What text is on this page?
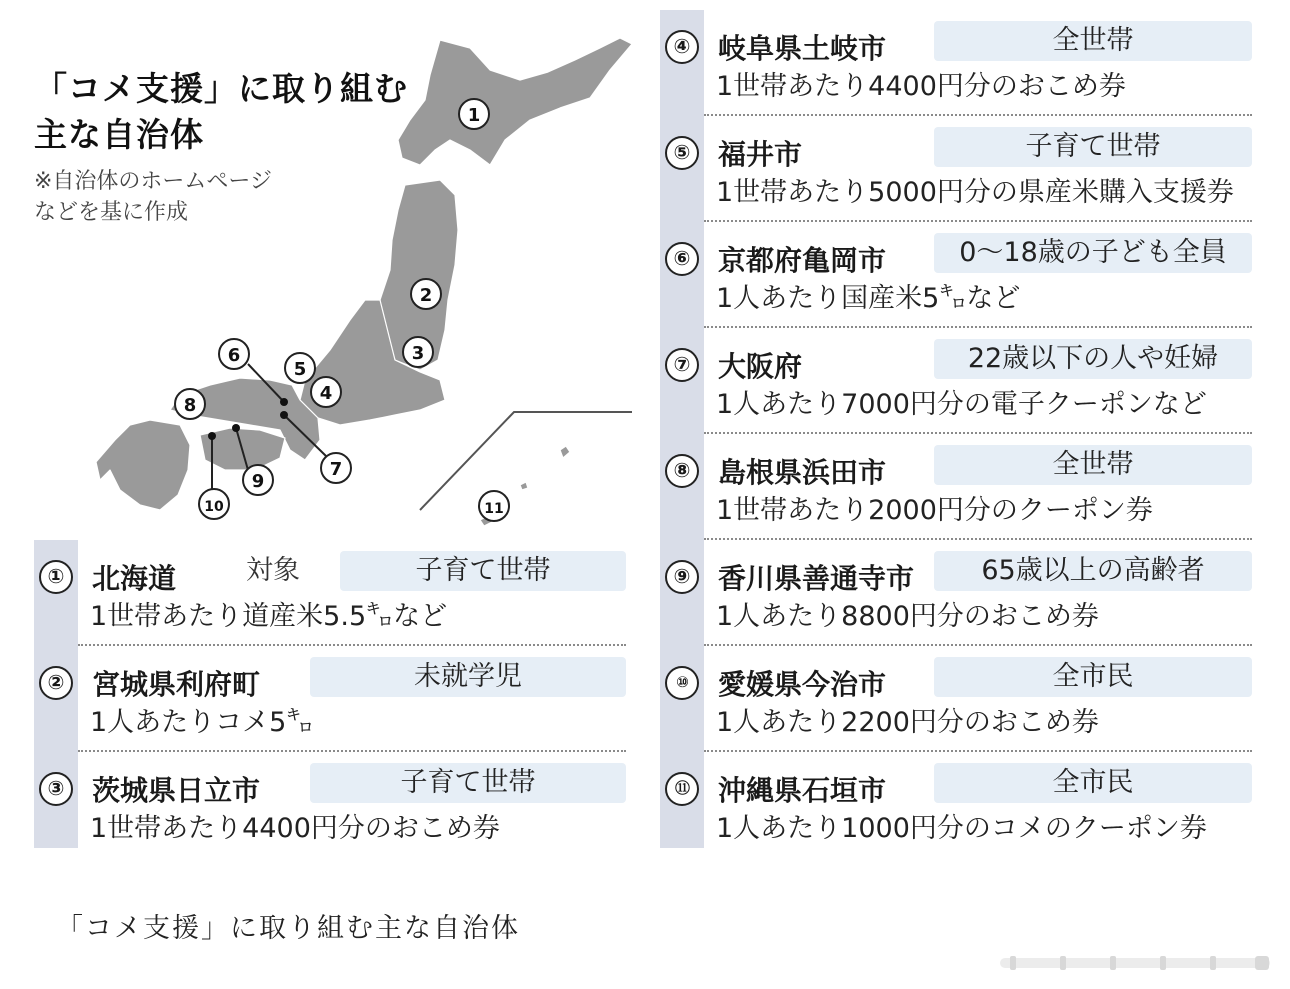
1
2
3
4
5
6
7
8
9
10	11
「コメ支援」に取り組む
主な自治体
※自治体のホームページ
などを基に作成
① 北海道	対象	子育て世帯
1世帯あたり道産米5.5㌔など
② 宮城県利府町	未就学児
1人あたりコメ5㌔
③ 茨城県日立市	子育て世帯
1世帯あたり4400円分のおこめ券
④ 岐阜県土岐市	全世帯
1世帯あたり4400円分のおこめ券
⑤ 福井市	子育て世帯
1世帯あたり5000円分の県産米購入支援券
⑥ 京都府亀岡市	0〜18歳の子ども全員
1人あたり国産米5㌔など
⑦ 大阪府	22歳以下の人や妊婦
1人あたり7000円分の電子クーポンなど
⑧ 島根県浜田市	全世帯
1世帯あたり2000円分のクーポン券
⑨ 香川県善通寺市	65歳以上の高齢者
1人あたり8800円分のおこめ券
⑩	愛媛県今治市	全市民
1人あたり2200円分のおこめ券
⑪	沖縄県石垣市	全市民
1人あたり1000円分のコメのクーポン券
「コメ支援」に取り組む主な自治体
